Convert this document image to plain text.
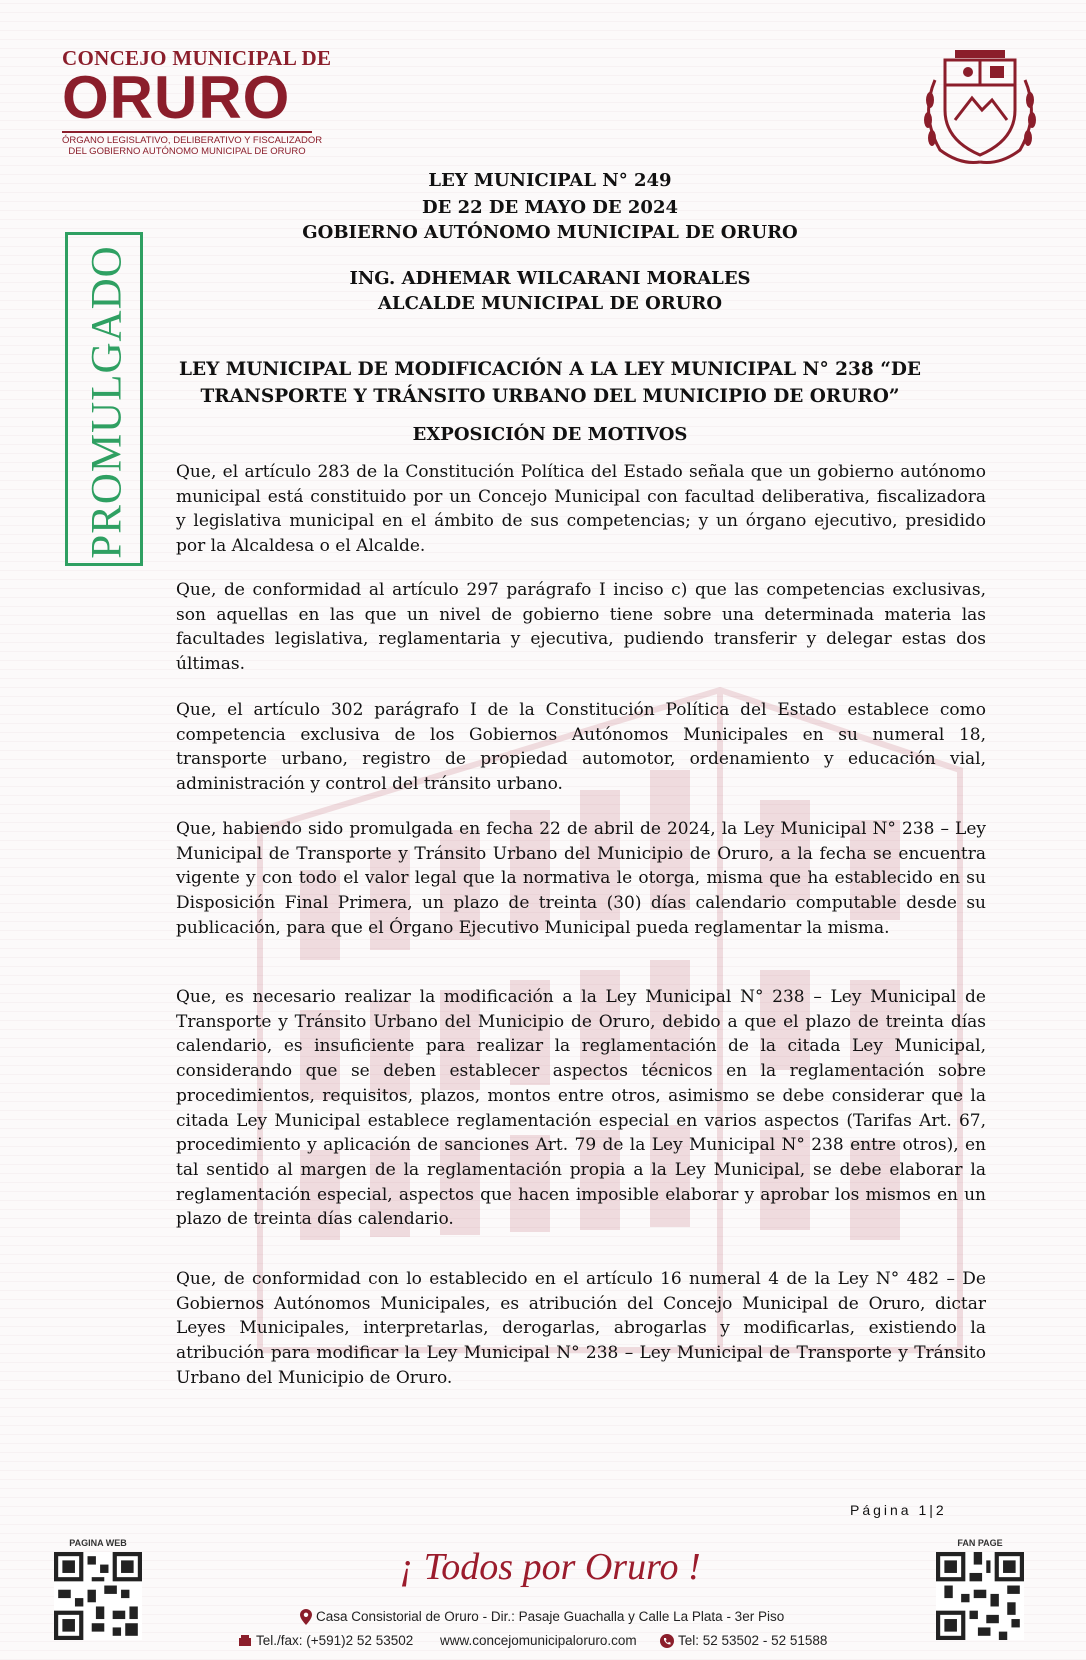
CONCEJO MUNICIPAL DE
ORURO
ÓRGANO LEGISLATIVO, DELIBERATIVO Y FISCALIZADOR
DEL GOBIERNO AUTÓNOMO MUNICIPAL DE ORURO
PROMULGADO
LEY MUNICIPAL N° 249
DE 22 DE MAYO DE 2024
GOBIERNO AUTÓNOMO MUNICIPAL DE ORURO
ING. ADHEMAR WILCARANI MORALES
ALCALDE MUNICIPAL DE ORURO
LEY MUNICIPAL DE MODIFICACIÓN A LA LEY MUNICIPAL N° 238 “DE TRANSPORTE Y TRÁNSITO URBANO DEL MUNICIPIO DE ORURO”
EXPOSICIÓN DE MOTIVOS
Que, el artículo 283 de la Constitución Política del Estado señala que un gobierno autónomo municipal está constituido por un Concejo Municipal con facultad deliberativa, fiscalizadora y legislativa municipal en el ámbito de sus competencias; y un órgano ejecutivo, presidido por la Alcaldesa o el Alcalde.
Que, de conformidad al artículo 297 parágrafo I inciso c) que las competencias exclusivas, son aquellas en las que un nivel de gobierno tiene sobre una determinada materia las facultades legislativa, reglamentaria y ejecutiva, pudiendo transferir y delegar estas dos últimas.
Que, el artículo 302 parágrafo I de la Constitución Política del Estado establece como competencia exclusiva de los Gobiernos Autónomos Municipales en su numeral 18, transporte urbano, registro de propiedad automotor, ordenamiento y educación vial, administración y control del tránsito urbano.
Que, habiendo sido promulgada en fecha 22 de abril de 2024, la Ley Municipal N° 238 – Ley Municipal de Transporte y Tránsito Urbano del Municipio de Oruro, a la fecha se encuentra vigente y con todo el valor legal que la normativa le otorga, misma que ha establecido en su Disposición Final Primera, un plazo de treinta (30) días calendario computable desde su publicación, para que el Órgano Ejecutivo Municipal pueda reglamentar la misma.
Que, es necesario realizar la modificación a la Ley Municipal N° 238 – Ley Municipal de Transporte y Tránsito Urbano del Municipio de Oruro, debido a que el plazo de treinta días calendario, es insuficiente para realizar la reglamentación de la citada Ley Municipal, considerando que se deben establecer aspectos técnicos en la reglamentación sobre procedimientos, requisitos, plazos, montos entre otros, asimismo se debe considerar que la citada Ley Municipal establece reglamentación especial en varios aspectos (Tarifas Art. 67, procedimiento y aplicación de sanciones Art. 79 de la Ley Municipal N° 238 entre otros), en tal sentido al margen de la reglamentación propia a la Ley Municipal, se debe elaborar la reglamentación especial, aspectos que hacen imposible elaborar y aprobar los mismos en un plazo de treinta días calendario.
Que, de conformidad con lo establecido en el artículo 16 numeral 4 de la Ley N° 482 – De Gobiernos Autónomos Municipales, es atribución del Concejo Municipal de Oruro, dictar Leyes Municipales, interpretarlas, derogarlas, abrogarlas y modificarlas, existiendo la atribución para modificar la Ley Municipal N° 238 – Ley Municipal de Transporte y Tránsito Urbano del Municipio de Oruro.
Página 1|2
PAGINA WEB
¡ Todos por Oruro !
Casa Consistorial de Oruro - Dir.: Pasaje Guachalla y Calle La Plata - 3er Piso
Tel./fax: (+591)2 52 53502 www.concejomunicipaloruro.com	Tel: 52 53502 - 52 51588
FAN PAGE
